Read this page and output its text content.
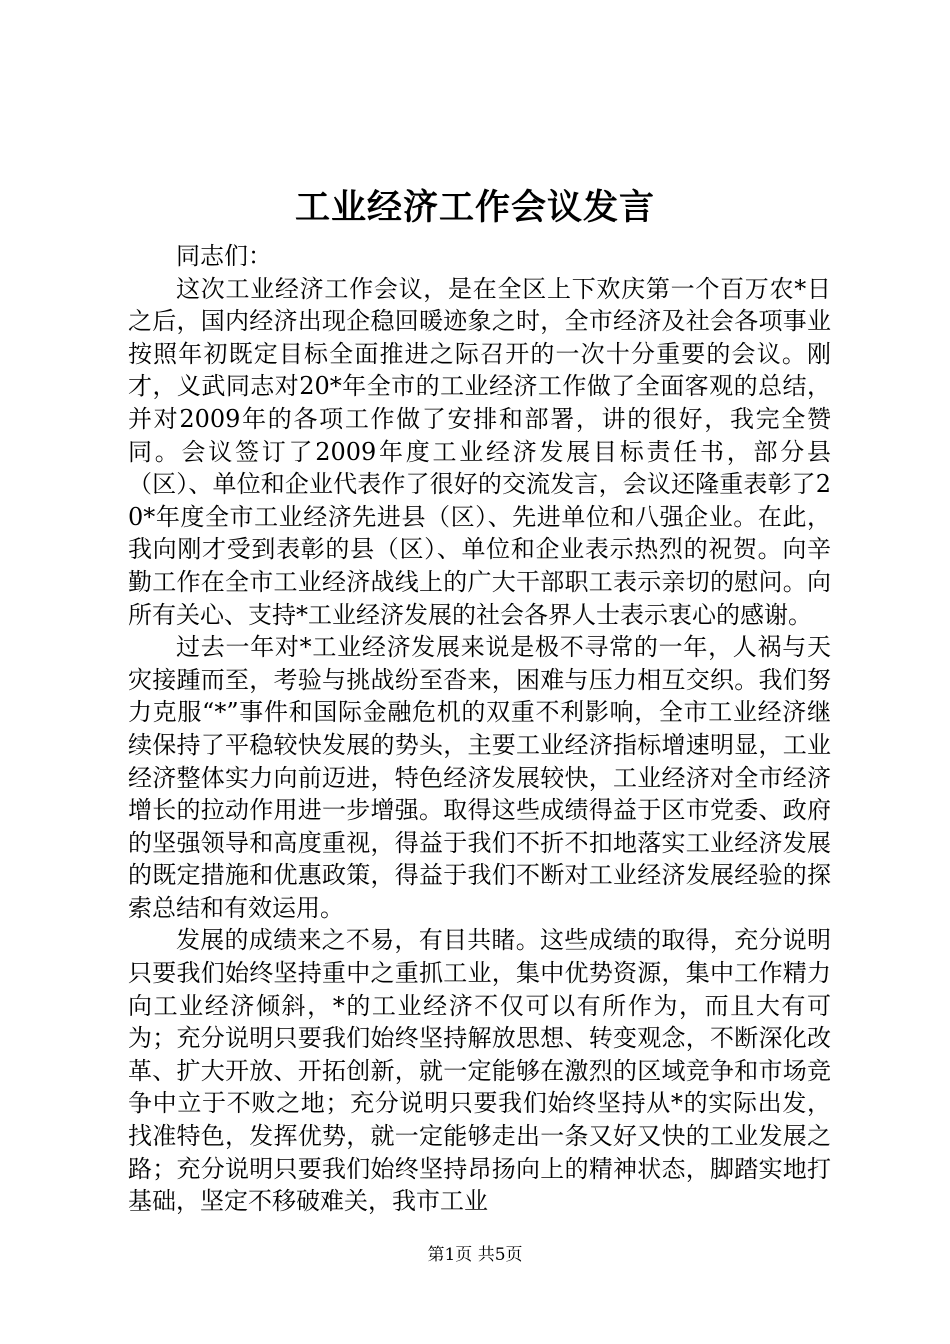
工业经济工作会议发言

同志们：

这次工业经济工作会议，是在全区上下欢庆第一个百万农*日之后，国内经济出现企稳回暖迹象之时，全市经济及社会各项事业按照年初既定目标全面推进之际召开的一次十分重要的会议。刚才，义武同志对20*年全市的工业经济工作做了全面客观的总结，并对2009年的各项工作做了安排和部署，讲的很好，我完全赞同。会议签订了2009年度工业经济发展目标责任书，部分县（区）、单位和企业代表作了很好的交流发言，会议还隆重表彰了20*年度全市工业经济先进县（区）、先进单位和八强企业。在此，我向刚才受到表彰的县（区）、单位和企业表示热烈的祝贺。向辛勤工作在全市工业经济战线上的广大干部职工表示亲切的慰问。向所有关心、支持*工业经济发展的社会各界人士表示衷心的感谢。

过去一年对*工业经济发展来说是极不寻常的一年，人祸与天灾接踵而至，考验与挑战纷至沓来，困难与压力相互交织。我们努力克服“*”事件和国际金融危机的双重不利影响，全市工业经济继续保持了平稳较快发展的势头，主要工业经济指标增速明显，工业经济整体实力向前迈进，特色经济发展较快，工业经济对全市经济增长的拉动作用进一步增强。取得这些成绩得益于区市党委、政府的坚强领导和高度重视，得益于我们不折不扣地落实工业经济发展的既定措施和优惠政策，得益于我们不断对工业经济发展经验的探索总结和有效运用。

发展的成绩来之不易，有目共睹。这些成绩的取得，充分说明只要我们始终坚持重中之重抓工业，集中优势资源，集中工作精力向工业经济倾斜，*的工业经济不仅可以有所作为，而且大有可为；充分说明只要我们始终坚持解放思想、转变观念，不断深化改革、扩大开放、开拓创新，就一定能够在激烈的区域竞争和市场竞争中立于不败之地；充分说明只要我们始终坚持从*的实际出发，找准特色，发挥优势，就一定能够走出一条又好又快的工业发展之路；充分说明只要我们始终坚持昂扬向上的精神状态，脚踏实地打基础，坚定不移破难关，我市工业

第1页 共5页
